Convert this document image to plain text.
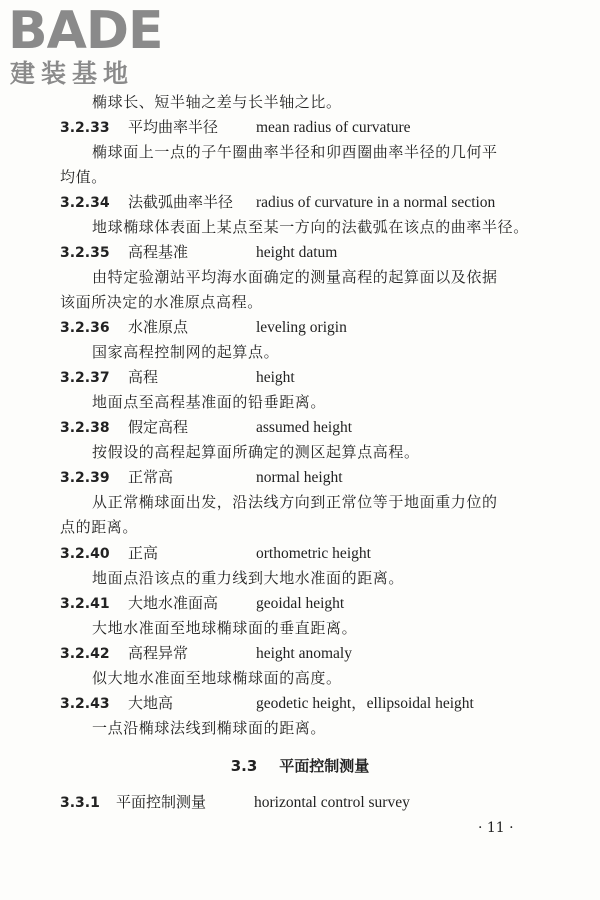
BADE
建装基地
椭球长、短半轴之差与长半轴之比。
3.2.33 平均曲率半径 mean radius of curvature
椭球面上一点的子午圈曲率半径和卯酉圈曲率半径的几何平
均值。
3.2.34 法截弧曲率半径 radius of curvature in a normal section
地球椭球体表面上某点至某一方向的法截弧在该点的曲率半径。
3.2.35 高程基准	height datum
由特定验潮站平均海水面确定的测量高程的起算面以及依据
该面所决定的水准原点高程。
3.2.36 水准原点	leveling origin
国家高程控制网的起算点。
3.2.37 高程	height
地面点至高程基准面的铅垂距离。
3.2.38 假定高程	assumed height
按假设的高程起算面所确定的测区起算点高程。
3.2.39 正常高	normal height
从正常椭球面出发，沿法线方向到正常位等于地面重力位的
点的距离。
3.2.40 正高	orthometric height
地面点沿该点的重力线到大地水准面的距离。
3.2.41 大地水准面高 geoidal height
大地水准面至地球椭球面的垂直距离。
3.2.42 高程异常	height anomaly
似大地水准面至地球椭球面的高度。
3.2.43 大地高	geodetic height，ellipsoidal height
一点沿椭球法线到椭球面的距离。
3.3 平面控制测量
3.3.1 平面控制测量	horizontal control survey
· 11 ·
